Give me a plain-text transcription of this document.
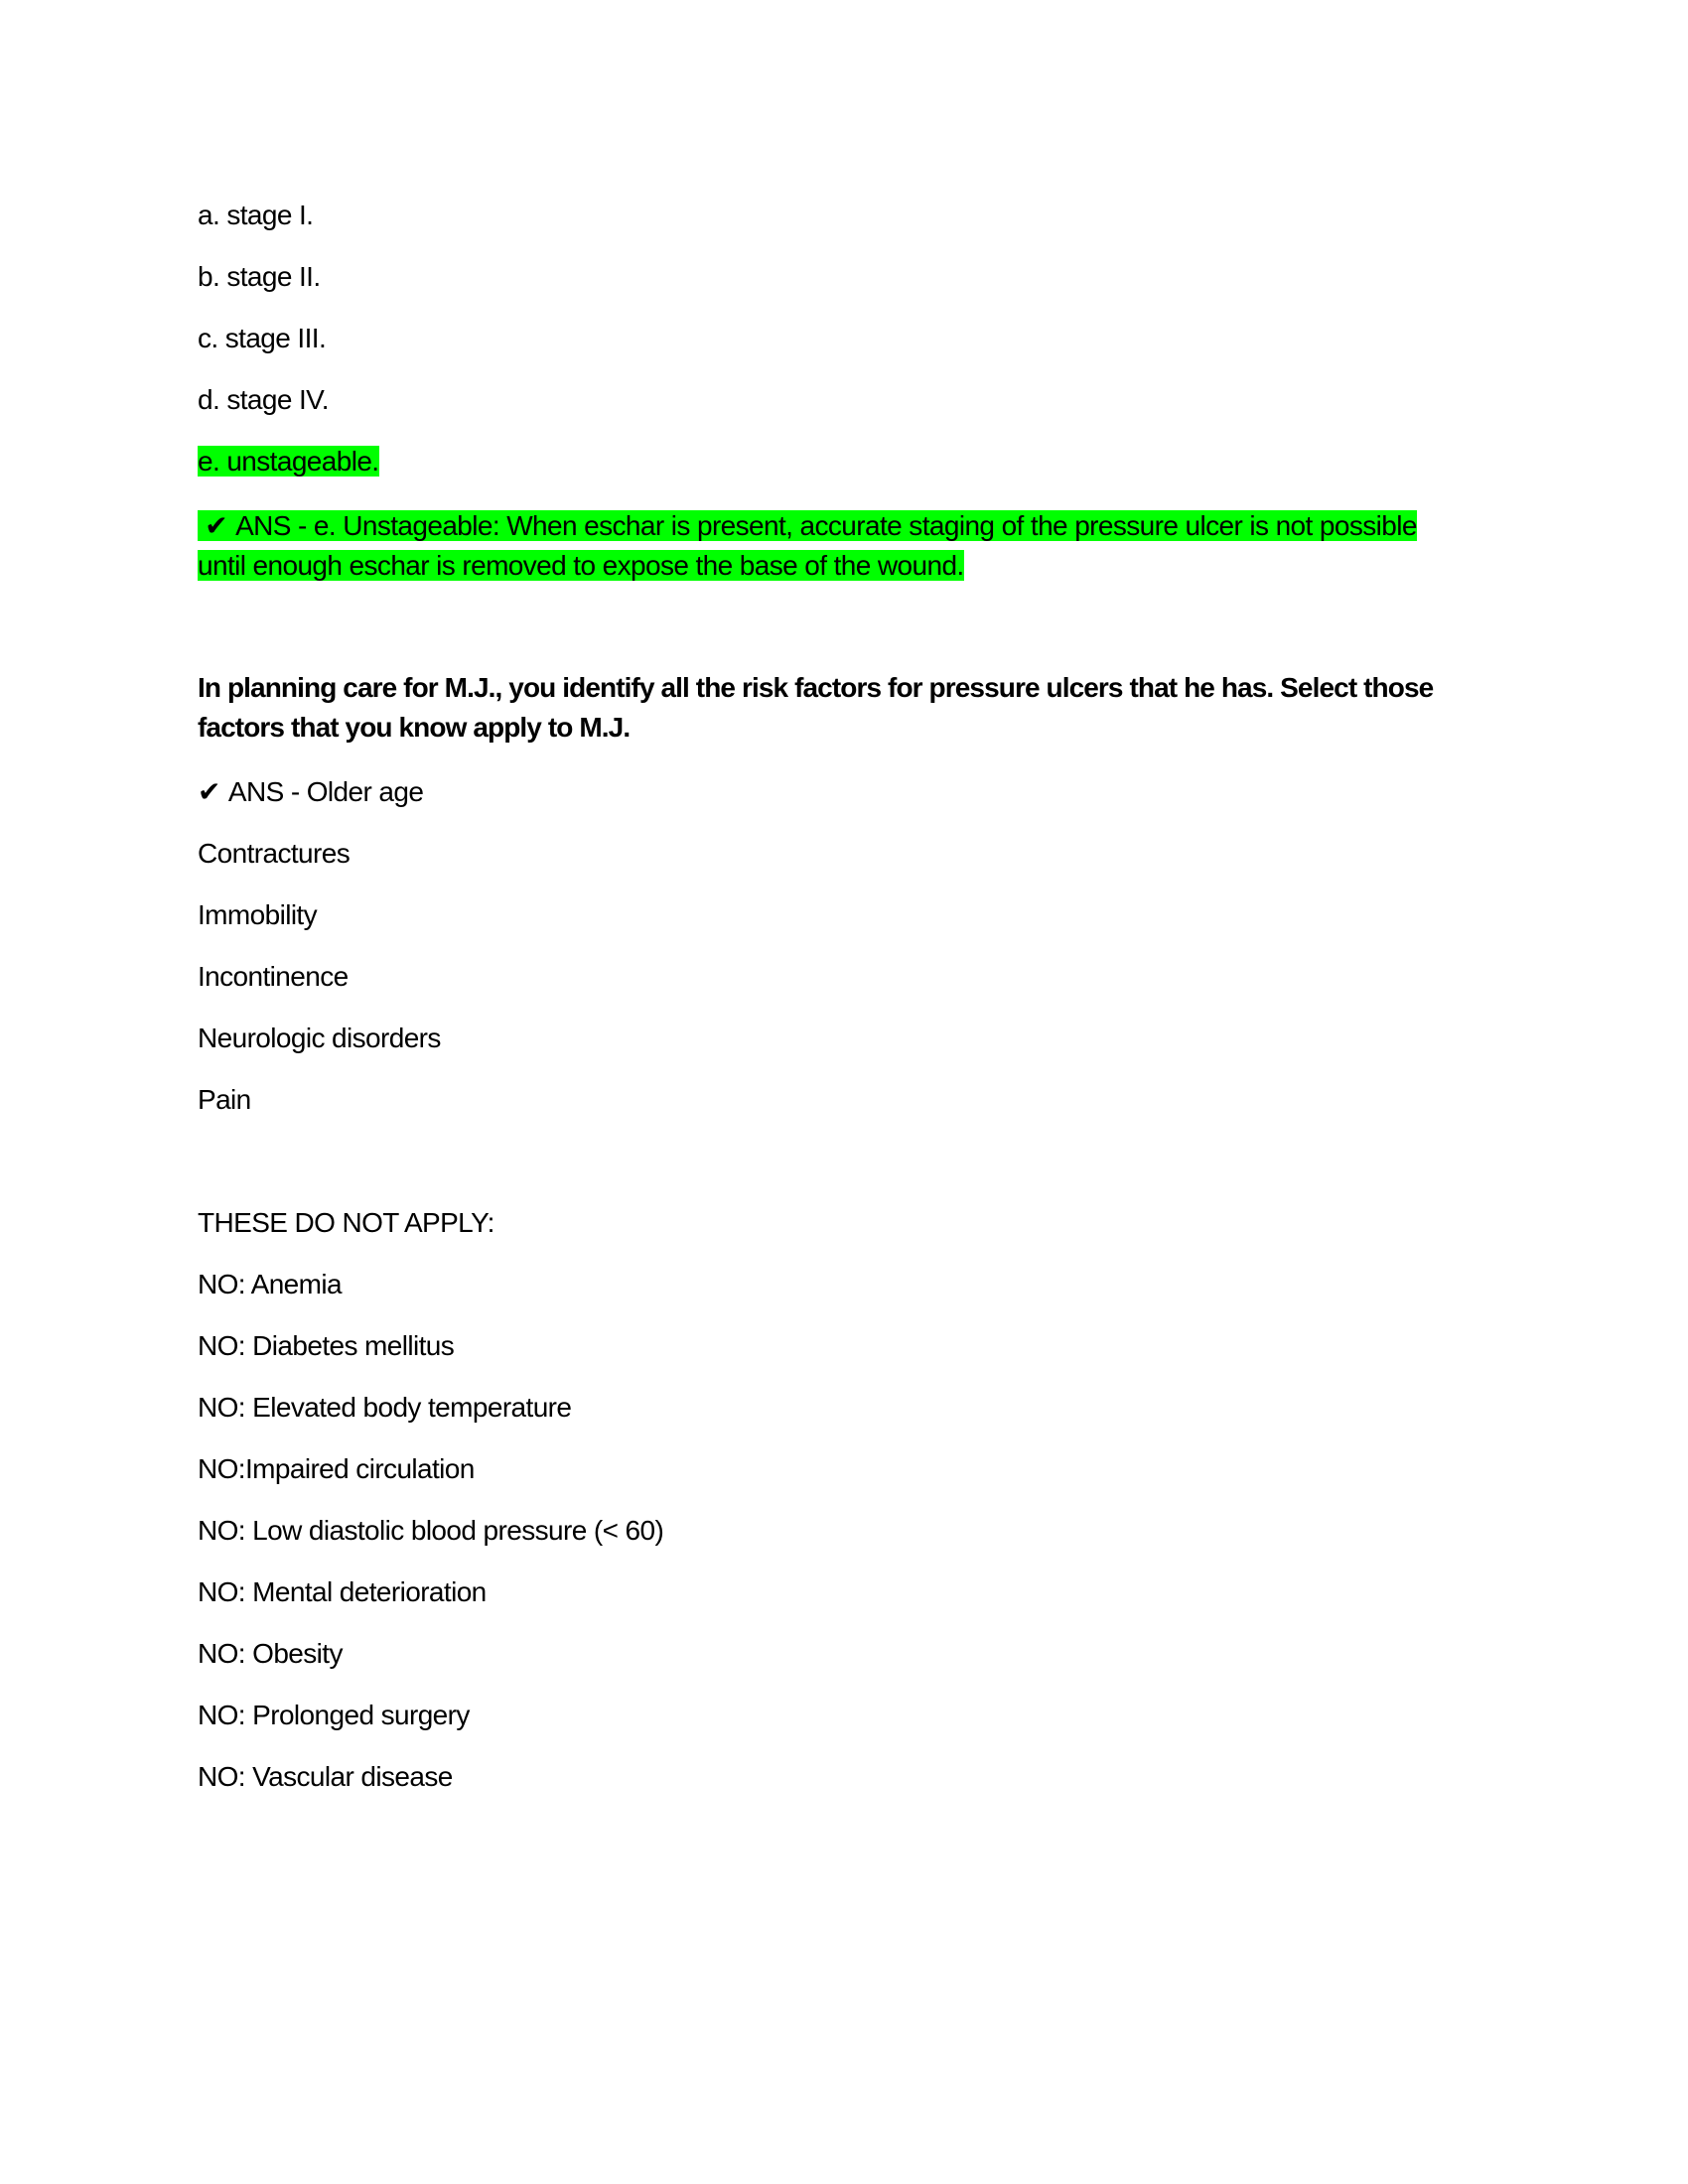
a. stage I.
b. stage II.
c. stage III.
d. stage IV.
e. unstageable.
✔ ANS - e. Unstageable: When eschar is present, accurate staging of the pressure ulcer is not possible
until enough eschar is removed to expose the base of the wound.
In planning care for M.J., you identify all the risk factors for pressure ulcers that he has. Select those
factors that you know apply to M.J.
✔ ANS - Older age
Contractures
Immobility
Incontinence
Neurologic disorders
Pain
THESE DO NOT APPLY:
NO: Anemia
NO: Diabetes mellitus
NO: Elevated body temperature
NO:Impaired circulation
NO: Low diastolic blood pressure (< 60)
NO: Mental deterioration
NO: Obesity
NO: Prolonged surgery
NO: Vascular disease
